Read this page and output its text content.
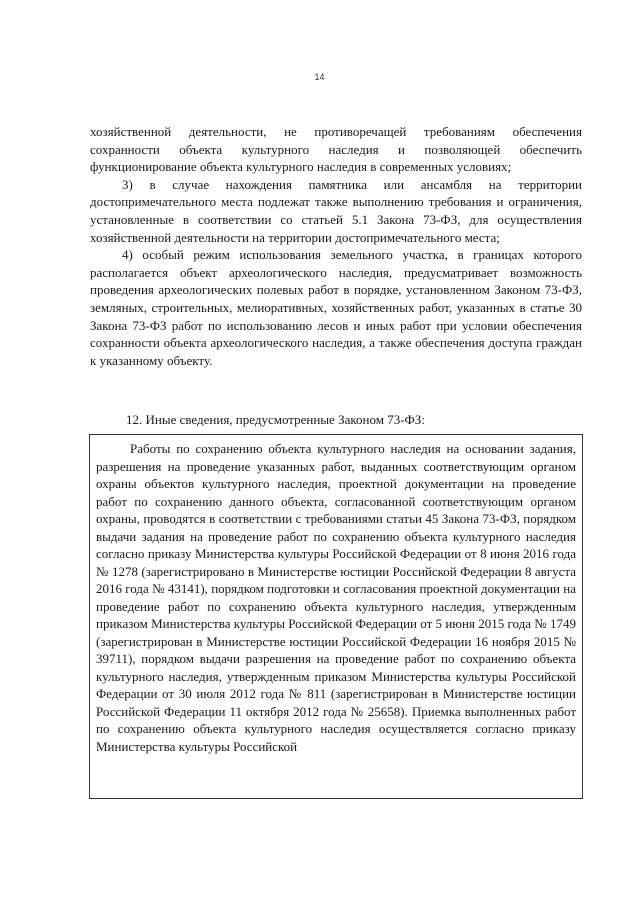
14

хозяйственной деятельности, не противоречащей требованиям обеспечения сохранности объекта культурного наследия и позволяющей обеспечить функционирование объекта культурного наследия в современных условиях;

3) в случае нахождения памятника или ансамбля на территории достопримечательного места подлежат также выполнению требования и ограничения, установленные в соответствии со статьей 5.1 Закона 73-ФЗ, для осуществления хозяйственной деятельности на территории достопримечательного места;

4) особый режим использования земельного участка, в границах которого располагается объект археологического наследия, предусматривает возможность проведения археологических полевых работ в порядке, установленном Законом 73-ФЗ, земляных, строительных, мелиоративных, хозяйственных работ, указанных в статье 30 Закона 73-ФЗ работ по использованию лесов и иных работ при условии обеспечения сохранности объекта археологического наследия, а также обеспечения доступа граждан к указанному объекту.

12. Иные сведения, предусмотренные Законом 73-ФЗ:

Работы по сохранению объекта культурного наследия на основании задания, разрешения на проведение указанных работ, выданных соответствующим органом охраны объектов культурного наследия, проектной документации на проведение работ по сохранению данного объекта, согласованной соответствующим органом охраны, проводятся в соответствии с требованиями статьи 45 Закона 73-ФЗ, порядком выдачи задания на проведение работ по сохранению объекта культурного наследия согласно приказу Министерства культуры Российской Федерации от 8 июня 2016 года № 1278 (зарегистрировано в Министерстве юстиции Российской Федерации 8 августа 2016 года № 43141), порядком подготовки и согласования проектной документации на проведение работ по сохранению объекта культурного наследия, утвержденным приказом Министерства культуры Российской Федерации от 5 июня 2015 года № 1749 (зарегистрирован в Министерстве юстиции Российской Федерации 16 ноября 2015 № 39711), порядком выдачи разрешения на проведение работ по сохранению объекта культурного наследия, утвержденным приказом Министерства культуры Российской Федерации от 30 июля 2012 года № 811 (зарегистрирован в Министерстве юстиции Российской Федерации 11 октября 2012 года № 25658). Приемка выполненных работ по сохранению объекта культурного наследия осуществляется согласно приказу Министерства культуры Российской
